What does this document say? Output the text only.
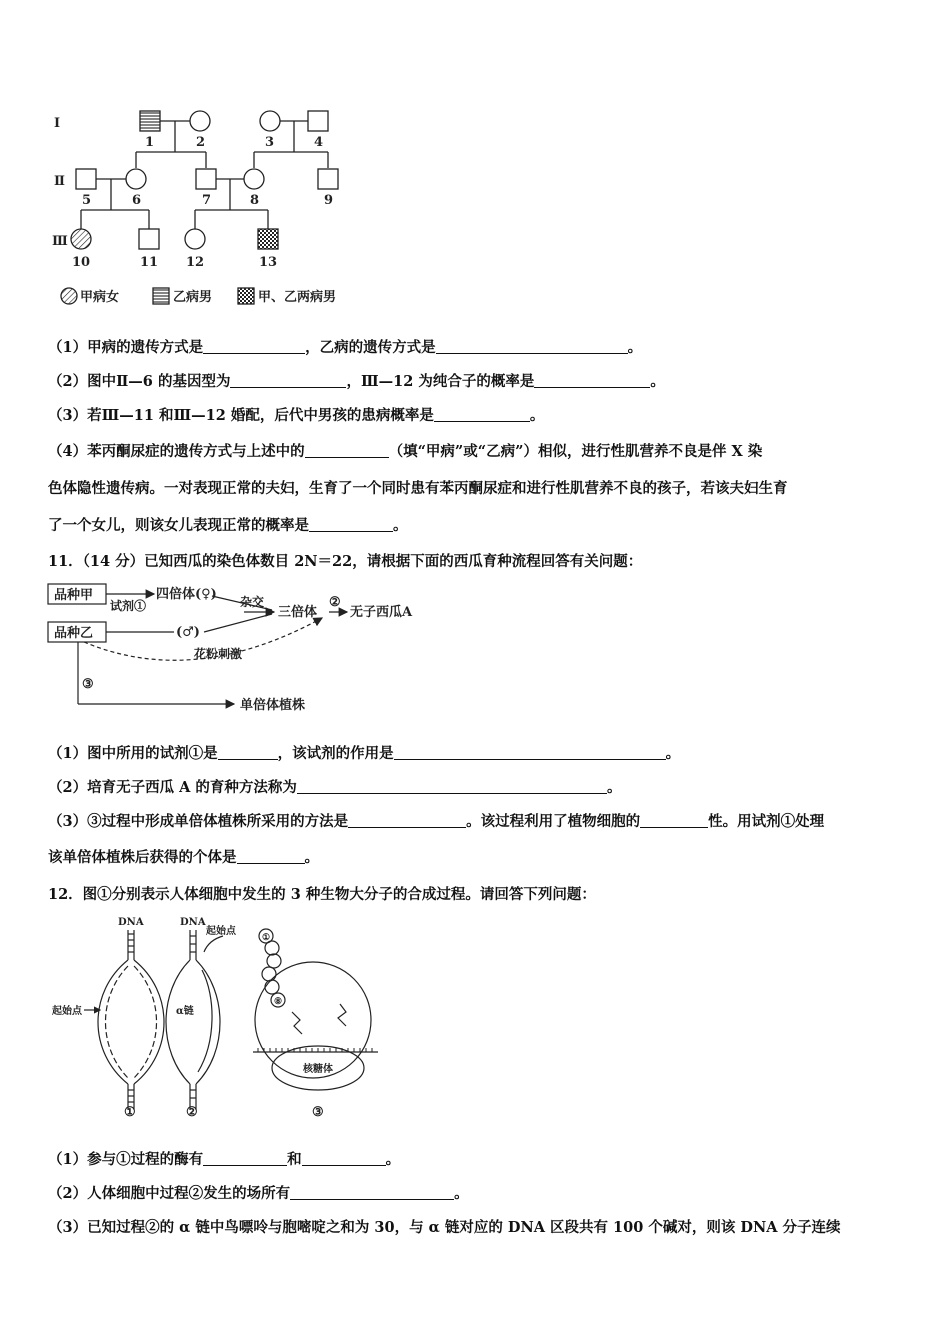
Ⅰ
Ⅱ
Ⅲ
1	2	3	4
5	6	7	8	9
10	11 12	13
甲病女	乙病男	甲、乙两病男
（1）甲病的遗传方式是	，乙病的遗传方式是	。
（2）图中Ⅱ—6 的基因型为	，Ⅲ—12 为纯合子的概率是	。
（3）若Ⅲ—11 和Ⅲ—12 婚配，后代中男孩的患病概率是	。
（4）苯丙酮尿症的遗传方式与上述中的	（填“甲病”或“乙病”）相似，进行性肌营养不良是伴 X 染
色体隐性遗传病。一对表现正常的夫妇，生育了一个同时患有苯丙酮尿症和进行性肌营养不良的孩子，若该夫妇生育
了一个女儿，则该女儿表现正常的概率是	。
11．（14 分）已知西瓜的染色体数目 2N＝22，请根据下面的西瓜育种流程回答有关问题：
品种甲
品种乙
试剂①
四倍体(♀)
(♂)
杂交
三倍体
②
无子西瓜A
花粉刺激
③
单倍体植株
（1）图中所用的试剂①是	，该试剂的作用是	。
（2）培育无子西瓜 A 的育种方法称为	。
（3）③过程中形成单倍体植株所采用的方法是	。该过程利用了植物细胞的	性。用试剂①处理
该单倍体植株后获得的个体是	。
12．图①分别表示人体细胞中发生的 3 种生物大分子的合成过程。请回答下列问题：
DNA	DNA
起始点
起始点
α链
核糖体
①
⑧
①	②	③
（1）参与①过程的酶有	和	。
（2）人体细胞中过程②发生的场所有	。
（3）已知过程②的 α 链中鸟嘌呤与胞嘧啶之和为 30，与 α 链对应的 DNA 区段共有 100 个碱对，则该 DNA 分子连续
